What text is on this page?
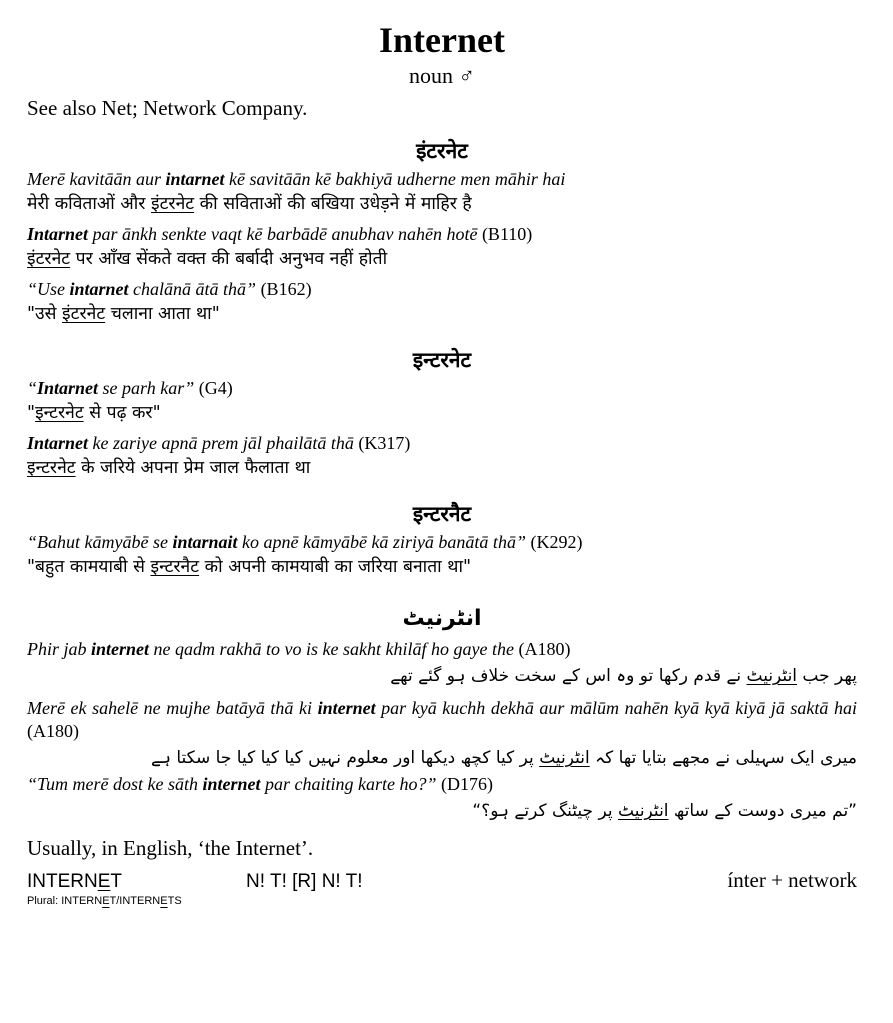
Internet
noun ♂
See also Net; Network Company.
इंटरनेट
Merē kavitāān aur intarnet kē savitāān kē bakhiyā udherne men māhir hai
मेरी कविताओं और इंटरनेट की सविताओं की बखिया उधेड़ने में माहिर है
Intarnet par ānkh senkte vaqt kē barbādē anubhav nahēn hotē (B110)
इंटरनेट पर आँख सेंकते वक्त की बर्बादी अनुभव नहीं होती
“Use intarnet chalānā ātā thā” (B162)
"उसे इंटरनेट चलाना आता था"
इन्टरनेट
“Intarnet se parh kar” (G4)
"इन्टरनेट से पढ़ कर"
Intarnet ke zariye apnā prem jāl phailātā thā (K317)
इन्टरनेट के जरिये अपना प्रेम जाल फैलाता था
इन्टरनैट
“Bahut kāmyābē se intarnait ko apnē kāmyābē kā ziriyā banātā thā” (K292)
"बहुत कामयाबी से इन्टरनैट को अपनी कामयाबी का जरिया बनाता था"
انٹرنیٹ
Phir jab internet ne qadm rakhā to vo is ke sakht khilāf ho gaye the (A180)
پھر جب انٹرنیٹ نے قدم رکھا تو وہ اس کے سخت خلاف ہو گئے تھے
Merē ek sahelē ne mujhe batāyā thā ki internet par kyā kuchh dekhā aur mālūm nahēn kyā kyā kiyā jā saktā hai (A180)
میری ایک سہیلی نے مجھے بتایا تھا کہ انٹرنیٹ پر کیا کچھ دیکھا اور معلوم نہیں کیا کیا کیا جا سکتا ہے
“Tum merē dost ke sāth internet par chaiting karte ho?” (D176)
”تم میری دوست کے ساتھ انٹرنیٹ پر چیٹنگ کرتے ہو؟“
Usually, in English, ‘the Internet’.
INTERNET	N! T! [R] N! T!	ínter + network
Plural: INTERNET/INTERNETS
